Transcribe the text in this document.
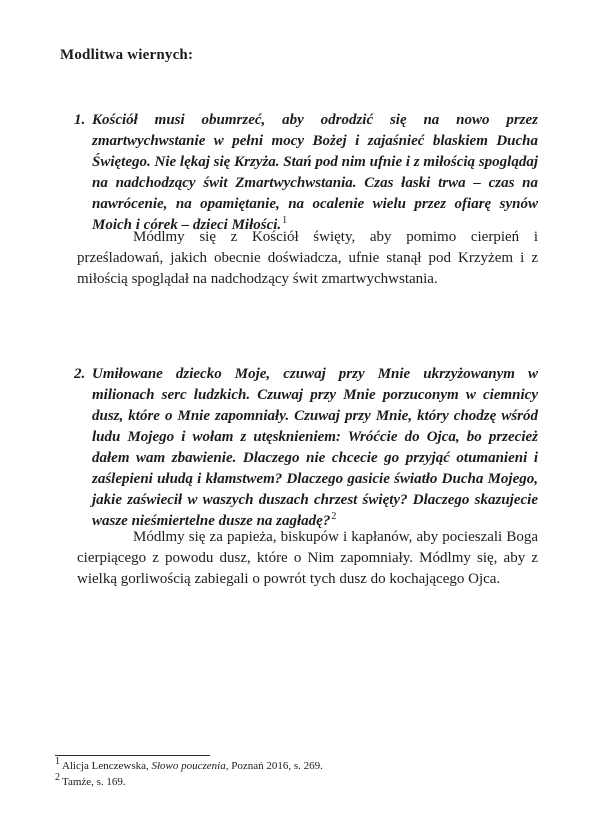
Modlitwa wiernych:
1. Kościół musi obumrzeć, aby odrodzić się na nowo przez zmartwychwstanie w pełni mocy Bożej i zajaśnieć blaskiem Ducha Świętego. Nie lękaj się Krzyża. Stań pod nim ufnie i z miłością spoglądaj na nadchodzący świt Zmartwychwstania. Czas łaski trwa – czas na nawrócenie, na opamiętanie, na ocalenie wielu przez ofiarę synów Moich i córek – dzieci Miłości.$^1$
Módlmy się z Kościół święty, aby pomimo cierpień i prześladowań, jakich obecnie doświadcza, ufnie stanął pod Krzyżem i z miłością spoglądał na nadchodzący świt zmartwychwstania.
2. Umiłowane dziecko Moje, czuwaj przy Mnie ukrzyżowanym w milionach serc ludzkich. Czuwaj przy Mnie porzuconym w ciemnicy dusz, które o Mnie zapomniały. Czuwaj przy Mnie, który chodzę wśród ludu Mojego i wołam z utęsknieniem: Wróćcie do Ojca, bo przecież dałem wam zbawienie. Dlaczego nie chcecie go przyjąć otumanieni i zaślepieni ułudą i kłamstwem? Dlaczego gasicie światło Ducha Mojego, jakie zaświecił w waszych duszach chrzest święty? Dlaczego skazujecie wasze nieśmiertelne dusze na zagładę?$^2$
Módlmy się za papieża, biskupów i kapłanów, aby pocieszali Boga cierpiącego z powodu dusz, które o Nim zapomniały. Módlmy się, aby z wielką gorliwością zabiegali o powrót tych dusz do kochającego Ojca.
$^1$ Alicja Lenczewska, Słowo pouczenia, Poznań 2016, s. 269.
$^2$ Tamże, s. 169.
